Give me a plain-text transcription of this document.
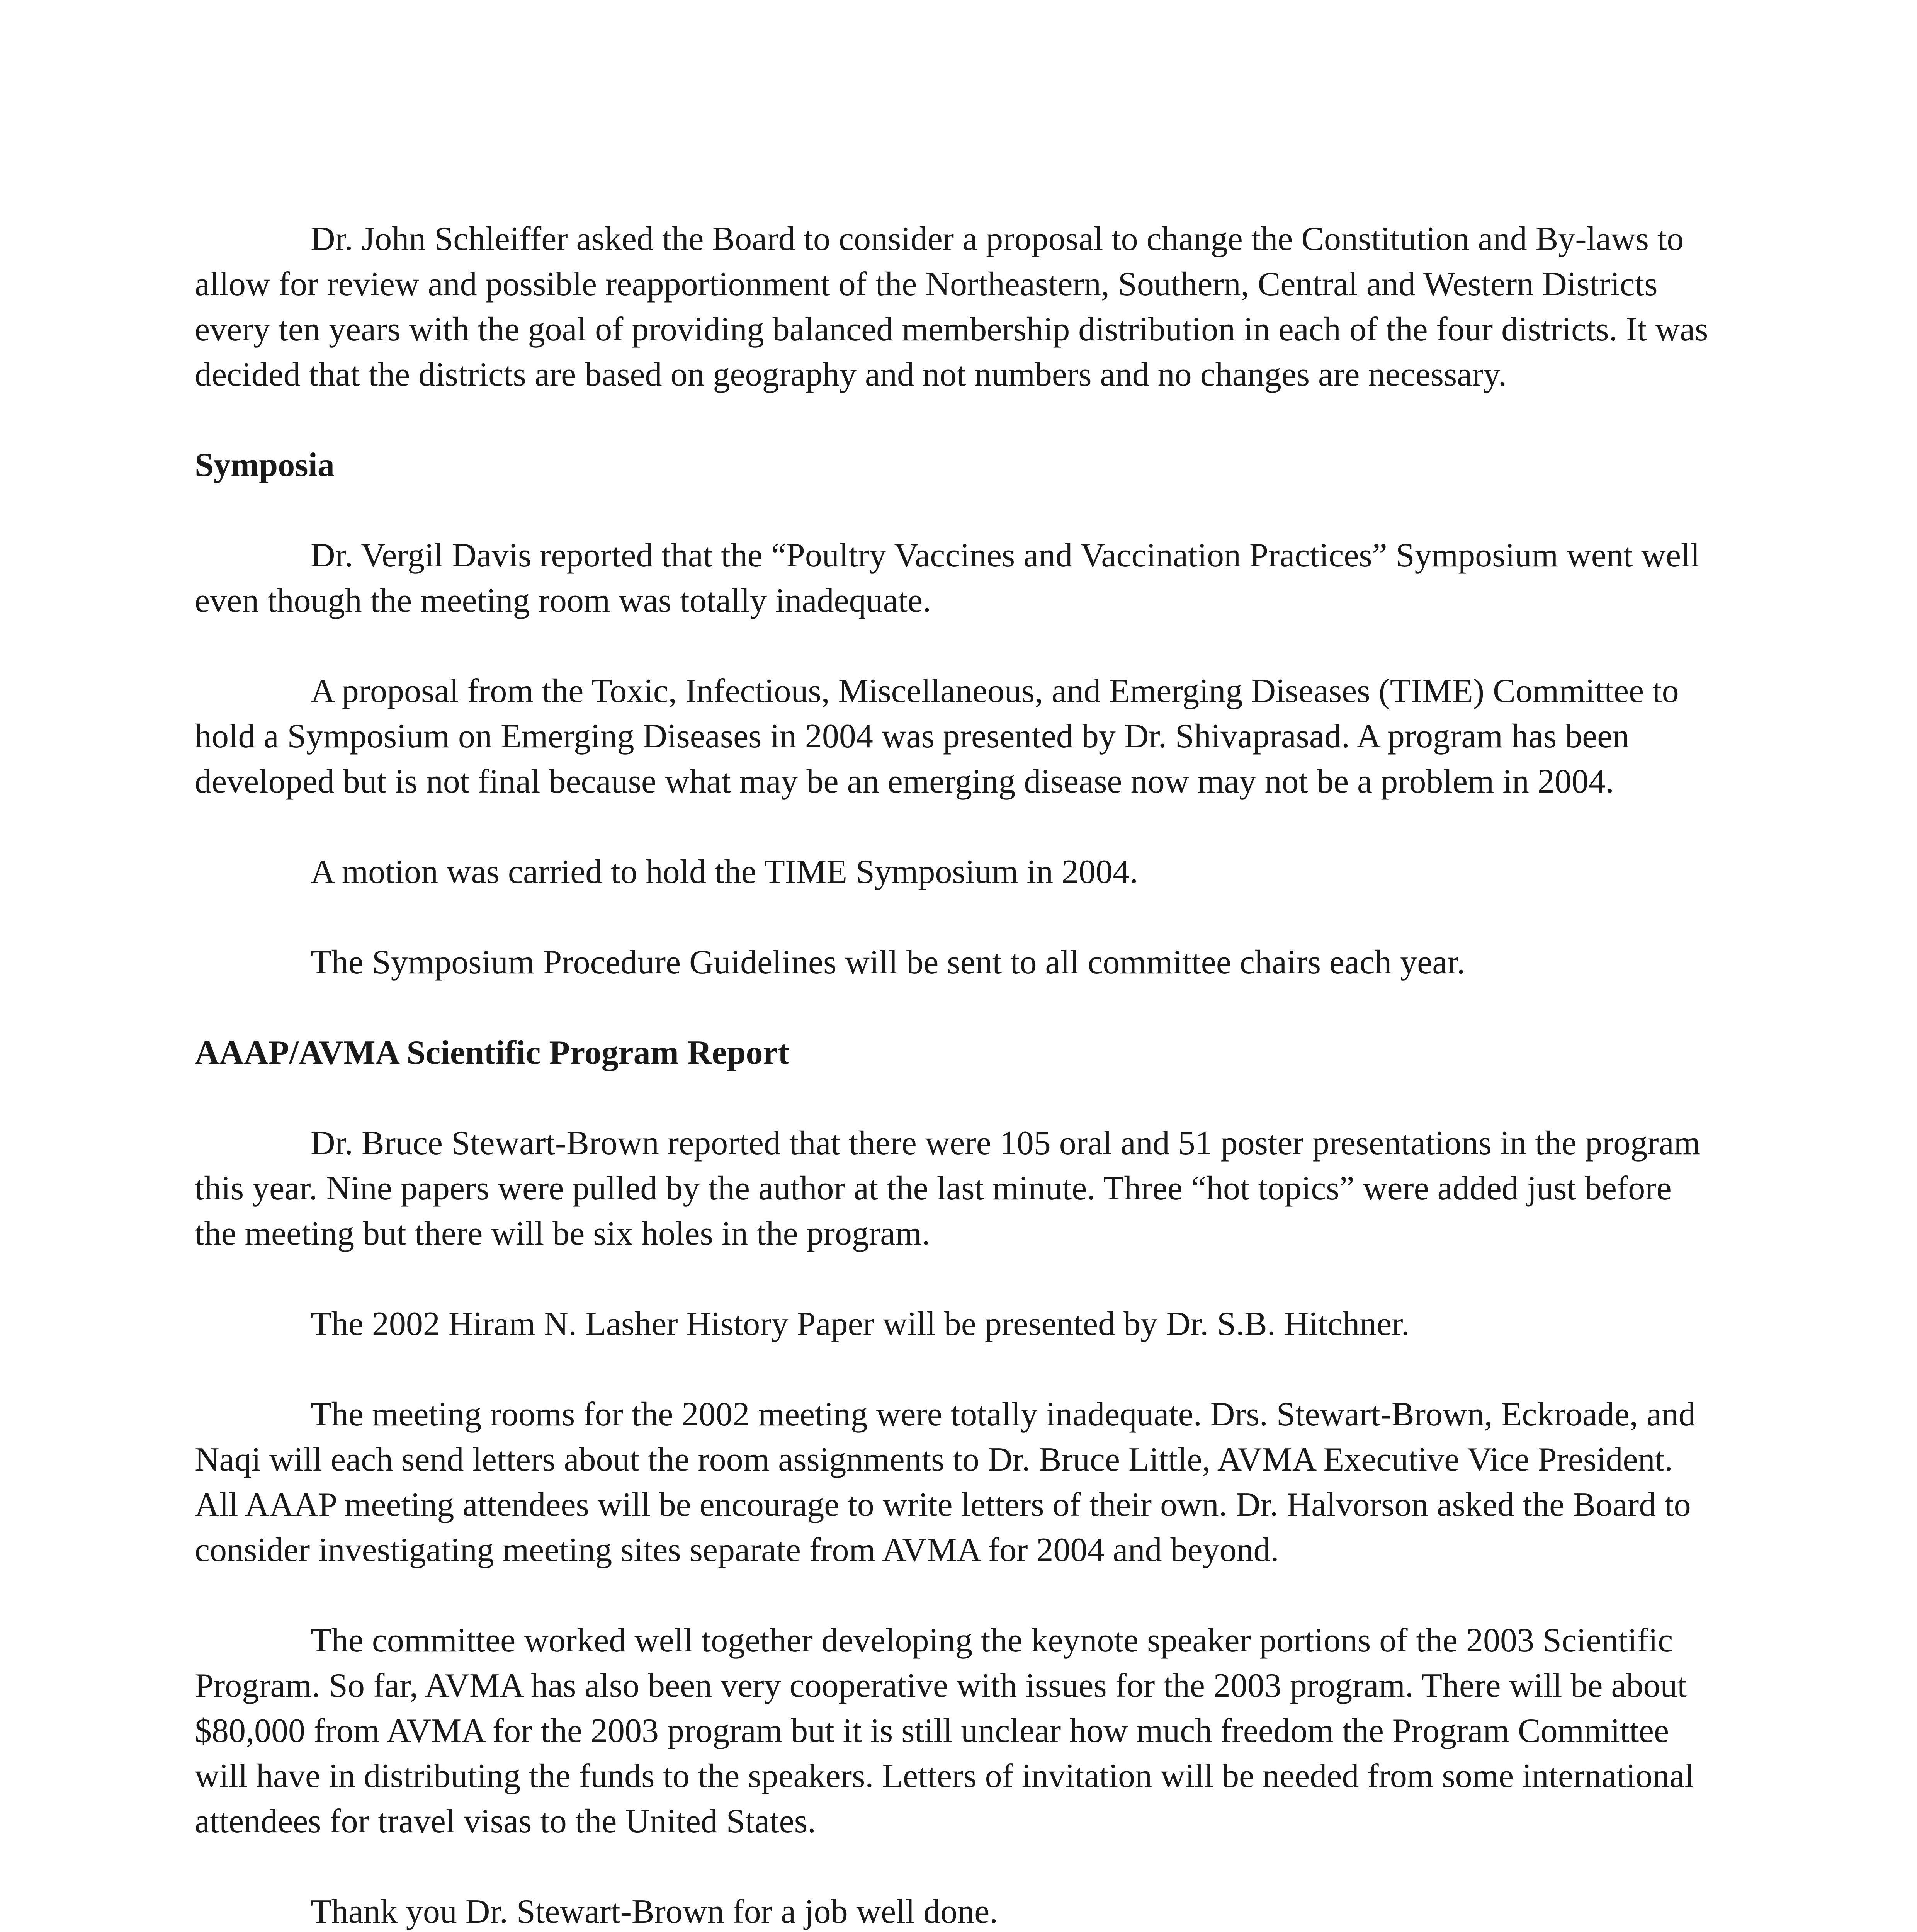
Dr. John Schleiffer asked the Board to consider a proposal to change the Constitution and By-laws to allow for review and possible reapportionment of the Northeastern, Southern, Central and Western Districts every ten years with the goal of providing balanced membership distribution in each of the four districts. It was decided that the districts are based on geography and not numbers and no changes are necessary.

Symposia

Dr. Vergil Davis reported that the “Poultry Vaccines and Vaccination Practices” Symposium went well even though the meeting room was totally inadequate.

A proposal from the Toxic, Infectious, Miscellaneous, and Emerging Diseases (TIME) Committee to hold a Symposium on Emerging Diseases in 2004 was presented by Dr. Shivaprasad. A program has been developed but is not final because what may be an emerging disease now may not be a problem in 2004.

A motion was carried to hold the TIME Symposium in 2004.

The Symposium Procedure Guidelines will be sent to all committee chairs each year.

AAAP/AVMA Scientific Program Report

Dr. Bruce Stewart-Brown reported that there were 105 oral and 51 poster presentations in the program this year. Nine papers were pulled by the author at the last minute. Three “hot topics” were added just before the meeting but there will be six holes in the program.

The 2002 Hiram N. Lasher History Paper will be presented by Dr. S.B. Hitchner.

The meeting rooms for the 2002 meeting were totally inadequate. Drs. Stewart-Brown, Eckroade, and Naqi will each send letters about the room assignments to Dr. Bruce Little, AVMA Executive Vice President. All AAAP meeting attendees will be encourage to write letters of their own. Dr. Halvorson asked the Board to consider investigating meeting sites separate from AVMA for 2004 and beyond.

The committee worked well together developing the keynote speaker portions of the 2003 Scientific Program. So far, AVMA has also been very cooperative with issues for the 2003 program. There will be about $80,000 from AVMA for the 2003 program but it is still unclear how much freedom the Program Committee will have in distributing the funds to the speakers. Letters of invitation will be needed from some international attendees for travel visas to the United States.

Thank you Dr. Stewart-Brown for a job well done.
